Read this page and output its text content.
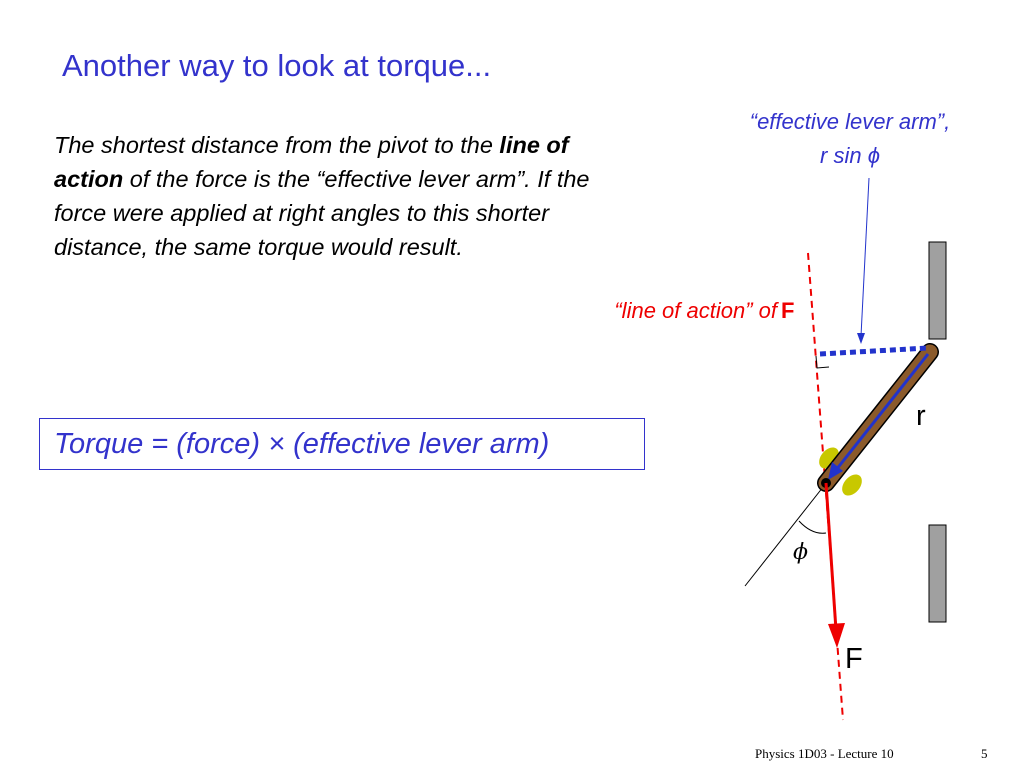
Another way to look at torque...

The shortest distance from the pivot to the line of action of the force is the “effective lever arm”. If the force were applied at right angles to this shorter distance, the same torque would result.

Torque = (force) × (effective lever arm)
“effective lever arm”,
r sin ϕ
“line of action” of F
r
ϕ
F
Physics 1D03 - Lecture 10	5
